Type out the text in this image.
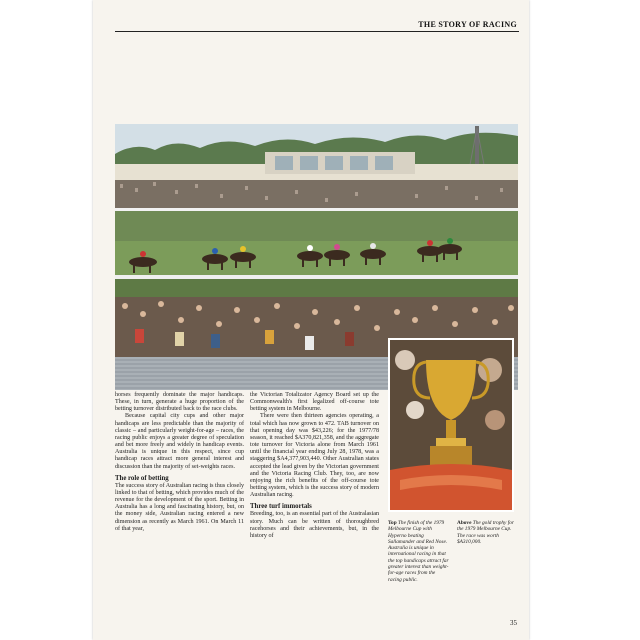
THE STORY OF RACING

horses frequently dominate the major handicaps. These, in turn, generate a huge proportion of the betting turnover distributed back to the race clubs.

Because capital city cups and other major handicaps are less predictable than the majority of classic – and particularly weight-for-age – races, the racing public enjoys a greater degree of speculation and bet more freely and widely in handicap events. Australia is unique in this respect, since cup handicap races attract more general interest and discussion than the majority of set-weights races.

The role of betting

The success story of Australian racing is thus closely linked to that of betting, which provides much of the revenue for the development of the sport. Betting in Australia has a long and fascinating history, but, on the money side, Australian racing entered a new dimension as recently as March 1961. On March 11 of that year,

the Victorian Totalizator Agency Board set up the Commonwealth's first legalized off-course tote betting system in Melbourne.

There were then thirteen agencies operating, a total which has now grown to 472. TAB turnover on that opening day was $43,226; for the 1977/78 season, it reached $A370,821,358, and the aggregate tote turnover for Victoria alone from March 1961 until the financial year ending July 28, 1978, was a staggering $A4,377,903,440. Other Australian states accepted the lead given by the Victorian government and the Victoria Racing Club. They, too, are now enjoying the rich benefits of the off-course tote betting system, which is the success story of modern Australian racing.

Three turf immortals

Breeding, too, is an essential part of the Australasian story. Much can be written of thoroughbred racehorses and their achievements, but, in the history of

Top The finish of the 1979 Melbourne Cup with Hyperno beating Sallamander and Red Nose. Australia is unique in international racing in that the top handicaps attract far greater interest than weight-for-age races from the racing public.
Above The gold trophy for the 1979 Melbourne Cup. The race was worth $A310,000.
35
